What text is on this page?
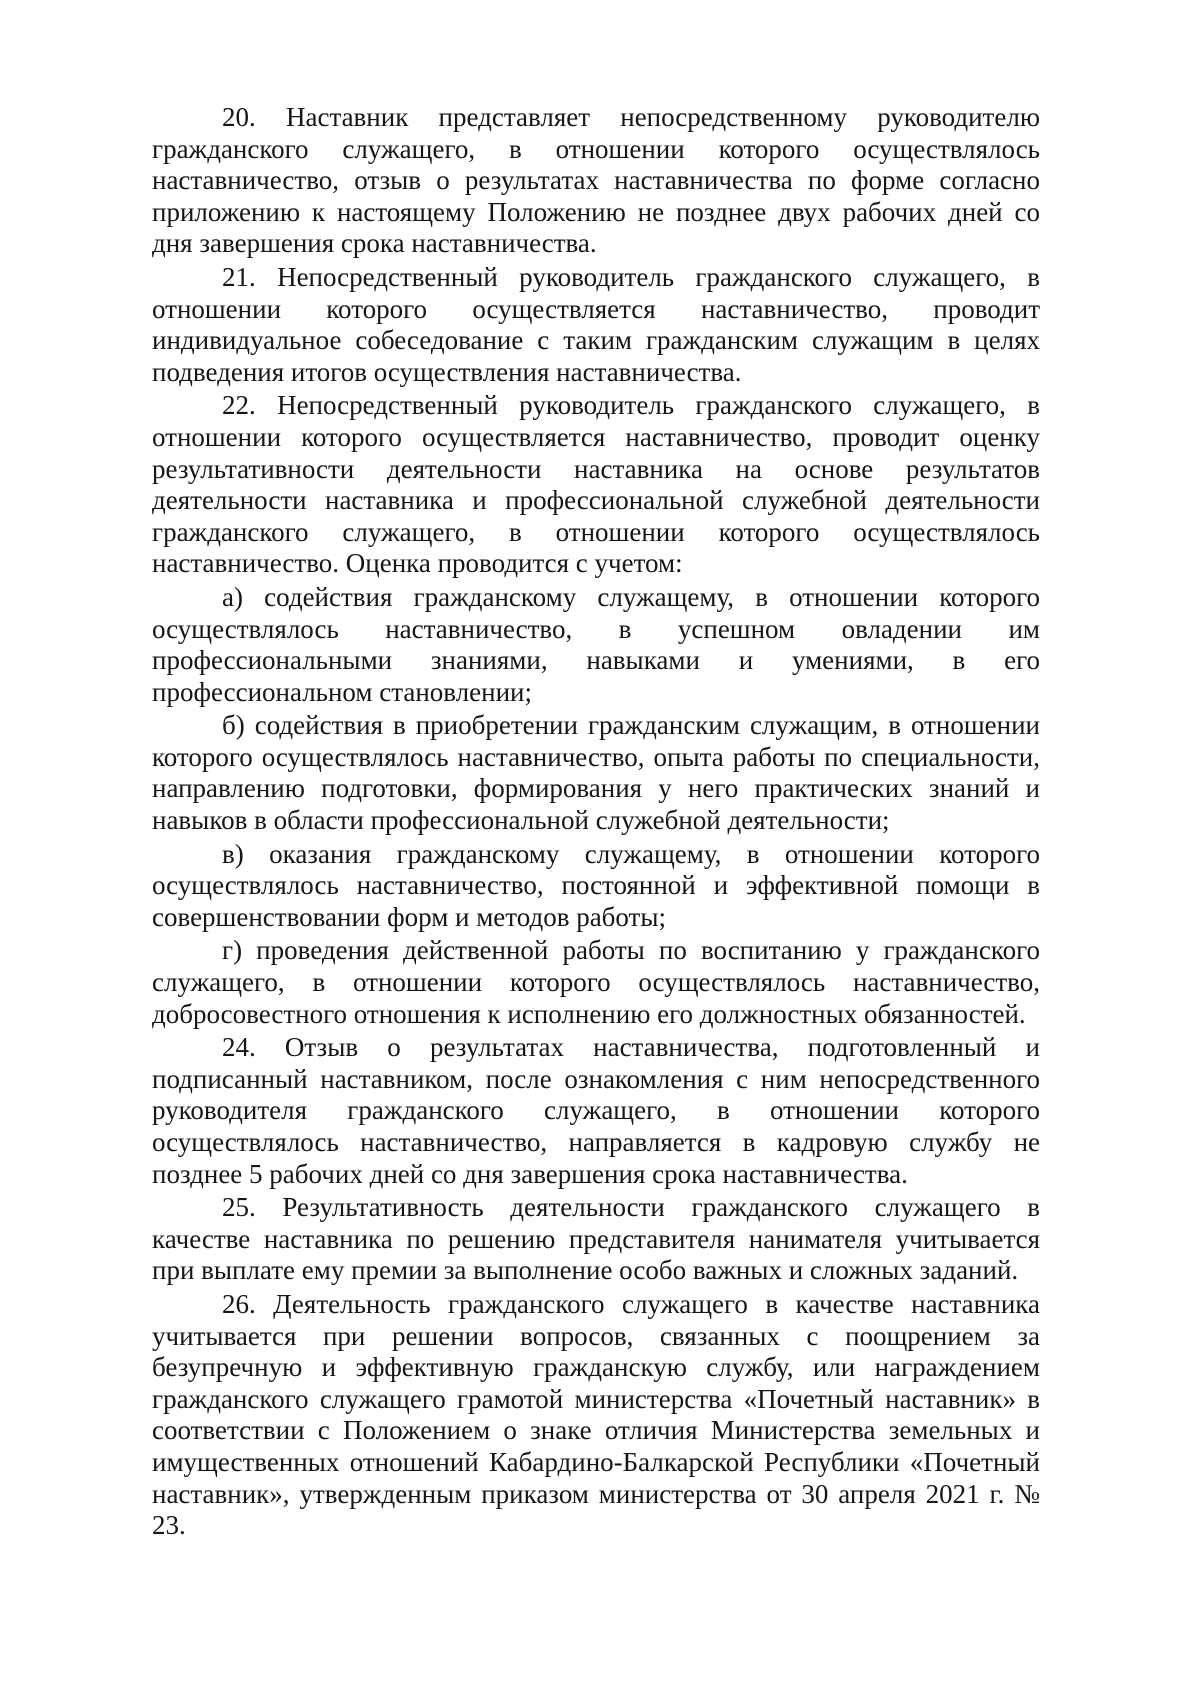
20. Наставник представляет непосредственному руководителю гражданского служащего, в отношении которого осуществлялось наставничество, отзыв о результатах наставничества по форме согласно приложению к настоящему Положению не позднее двух рабочих дней со дня завершения срока наставничества.

21. Непосредственный руководитель гражданского служащего, в отношении которого осуществляется наставничество, проводит индивидуальное собеседование с таким гражданским служащим в целях подведения итогов осуществления наставничества.

22. Непосредственный руководитель гражданского служащего, в отношении которого осуществляется наставничество, проводит оценку результативности деятельности наставника на основе результатов деятельности наставника и профессиональной служебной деятельности гражданского служащего, в отношении которого осуществлялось наставничество. Оценка проводится с учетом:

а) содействия гражданскому служащему, в отношении которого осуществлялось наставничество, в успешном овладении им профессиональными знаниями, навыками и умениями, в его профессиональном становлении;

б) содействия в приобретении гражданским служащим, в отношении которого осуществлялось наставничество, опыта работы по специальности, направлению подготовки, формирования у него практических знаний и навыков в области профессиональной служебной деятельности;

в) оказания гражданскому служащему, в отношении которого осуществлялось наставничество, постоянной и эффективной помощи в совершенствовании форм и методов работы;

г) проведения действенной работы по воспитанию у гражданского служащего, в отношении которого осуществлялось наставничество, добросовестного отношения к исполнению его должностных обязанностей.

24. Отзыв о результатах наставничества, подготовленный и подписанный наставником, после ознакомления с ним непосредственного руководителя гражданского служащего, в отношении которого осуществлялось наставничество, направляется в кадровую службу не позднее 5 рабочих дней со дня завершения срока наставничества.

25. Результативность деятельности гражданского служащего в качестве наставника по решению представителя нанимателя учитывается при выплате ему премии за выполнение особо важных и сложных заданий.

26. Деятельность гражданского служащего в качестве наставника учитывается при решении вопросов, связанных с поощрением за безупречную и эффективную гражданскую службу, или награждением гражданского служащего грамотой министерства «Почетный наставник» в соответствии с Положением о знаке отличия Министерства земельных и имущественных отношений Кабардино-Балкарской Республики «Почетный наставник», утвержденным приказом министерства от 30 апреля 2021 г. № 23.
